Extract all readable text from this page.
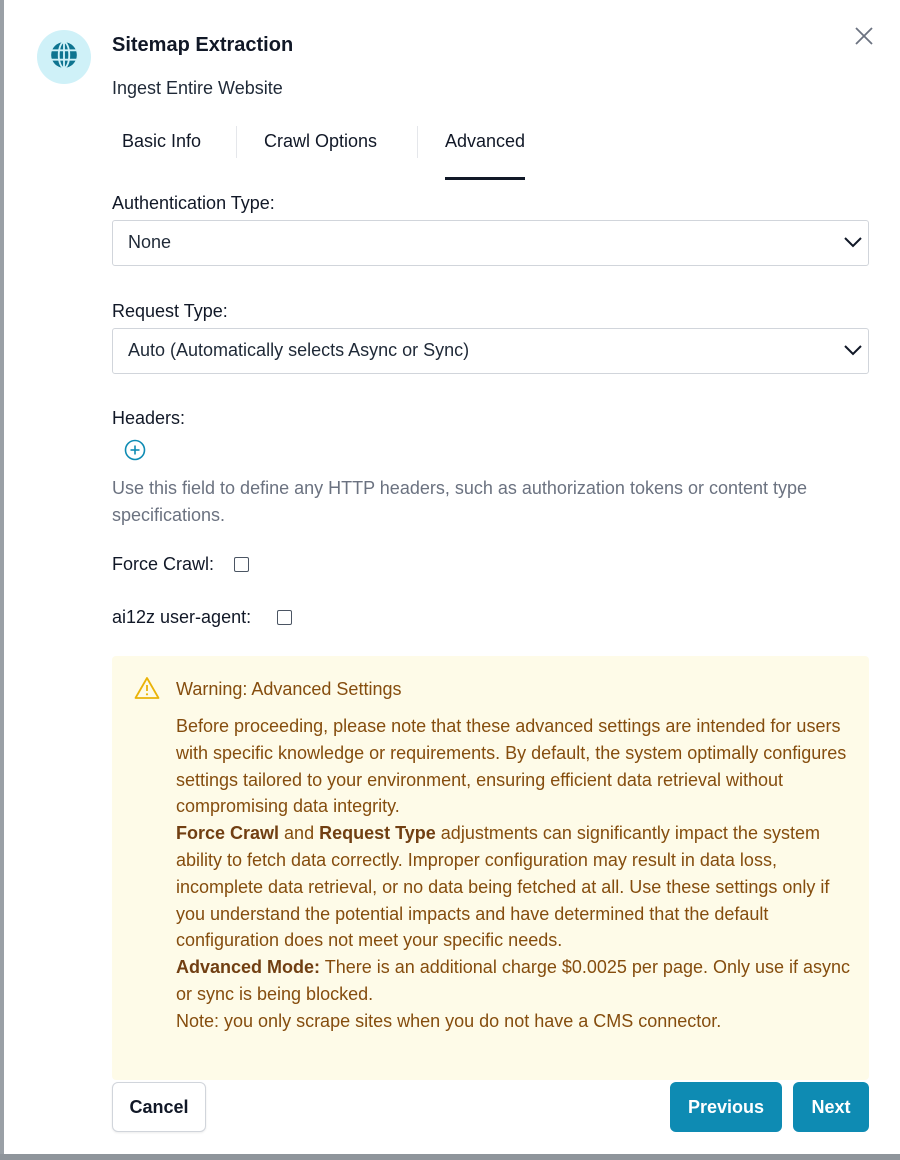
Sitemap Extraction
Ingest Entire Website
Basic Info	Crawl Options	Advanced
Authentication Type:
None
Request Type:
Auto (Automatically selects Async or Sync)
Headers:
Use this field to define any HTTP headers, such as authorization tokens or content type specifications.
Force Crawl:
ai12z user-agent:
Warning: Advanced Settings

Before proceeding, please note that these advanced settings are intended for users with specific knowledge or requirements. By default, the system optimally configures settings tailored to your environment, ensuring efficient data retrieval without compromising data integrity.

Force Crawl and Request Type adjustments can significantly impact the system ability to fetch data correctly. Improper configuration may result in data loss, incomplete data retrieval, or no data being fetched at all. Use these settings only if you understand the potential impacts and have determined that the default configuration does not meet your specific needs.

Advanced Mode: There is an additional charge $0.0025 per page. Only use if async or sync is being blocked.

Note: you only scrape sites when you do not have a CMS connector.

Cancel	Previous	Next
